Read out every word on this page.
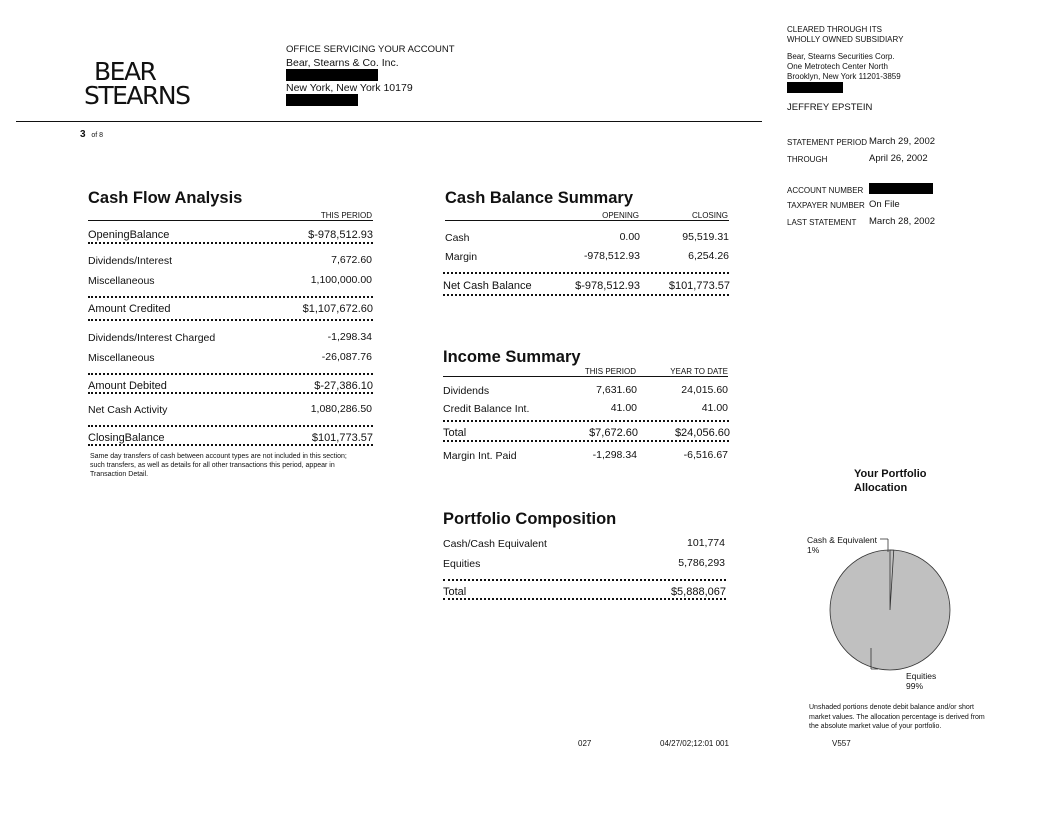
BEAR
STEARNS
OFFICE SERVICING YOUR ACCOUNT
Bear, Stearns & Co. Inc.
New York, New York 10179
3 of 8
CLEARED THROUGH ITS
WHOLLY OWNED SUBSIDIARY
Bear, Stearns Securities Corp.
One Metrotech Center North
Brooklyn, New York 11201-3859
JEFFREY EPSTEIN
STATEMENT PERIOD March 29, 2002
THROUGH	April 26, 2002
ACCOUNT NUMBER
TAXPAYER NUMBER On File
LAST STATEMENT March 28, 2002
Cash Flow Analysis
THIS PERIOD
OpeningBalance	$-978,512.93
Dividends/Interest	7,672.60
Miscellaneous	1,100,000.00
Amount Credited	$1,107,672.60
Dividends/Interest Charged	-1,298.34
Miscellaneous	-26,087.76
Amount Debited	$-27,386.10
Net Cash Activity	1,080,286.50
ClosingBalance	$101,773.57
Same day transfers of cash between account types are not included in this section; such transfers, as well as details for all other transactions this period, appear in Transaction Detail.
Cash Balance Summary
OPENING	CLOSING
Cash	0.00	95,519.31
Margin	-978,512.93	6,254.26
Net Cash Balance	$-978,512.93	$101,773.57
Income Summary
THIS PERIOD	YEAR TO DATE
Dividends	7,631.60	24,015.60
Credit Balance Int.	41.00	41.00
Total	$7,672.60	$24,056.60
Margin Int. Paid	-1,298.34	-6,516.67
Portfolio Composition
Cash/Cash Equivalent	101,774
Equities	5,786,293
Total	$5,888,067
Your Portfolio
Allocation
Cash & Equivalent
1%
Equities
99%
Unshaded portions denote debit balance and/or short market values. The allocation percentage is derived from the absolute market value of your portfolio.
027	04/27/02;12:01 001	V557
